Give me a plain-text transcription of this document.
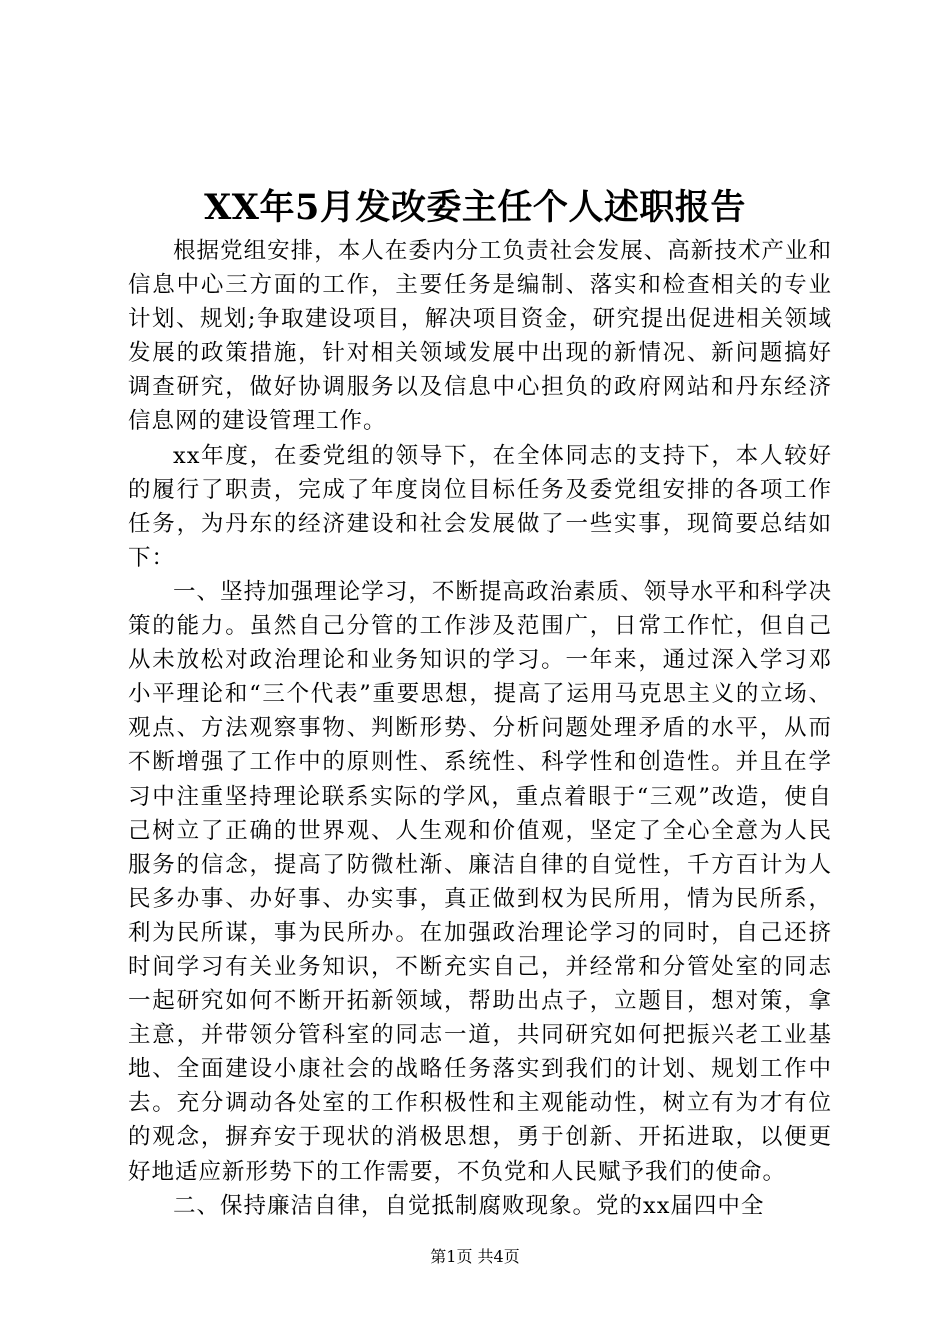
XX年5月发改委主任个人述职报告

根据党组安排，本人在委内分工负责社会发展、高新技术产业和信息中心三方面的工作，主要任务是编制、落实和检查相关的专业计划、规划;争取建设项目，解决项目资金，研究提出促进相关领域发展的政策措施，针对相关领域发展中出现的新情况、新问题搞好调查研究，做好协调服务以及信息中心担负的政府网站和丹东经济信息网的建设管理工作。

xx年度，在委党组的领导下，在全体同志的支持下，本人较好的履行了职责，完成了年度岗位目标任务及委党组安排的各项工作任务，为丹东的经济建设和社会发展做了一些实事，现简要总结如下：

一、坚持加强理论学习，不断提高政治素质、领导水平和科学决策的能力。虽然自己分管的工作涉及范围广，日常工作忙，但自己从未放松对政治理论和业务知识的学习。一年来，通过深入学习邓小平理论和“三个代表”重要思想，提高了运用马克思主义的立场、观点、方法观察事物、判断形势、分析问题处理矛盾的水平，从而不断增强了工作中的原则性、系统性、科学性和创造性。并且在学习中注重坚持理论联系实际的学风，重点着眼于“三观”改造，使自己树立了正确的世界观、人生观和价值观，坚定了全心全意为人民服务的信念，提高了防微杜渐、廉洁自律的自觉性，千方百计为人民多办事、办好事、办实事，真正做到权为民所用，情为民所系，利为民所谋，事为民所办。在加强政治理论学习的同时，自己还挤时间学习有关业务知识，不断充实自己，并经常和分管处室的同志一起研究如何不断开拓新领域，帮助出点子，立题目，想对策，拿主意，并带领分管科室的同志一道，共同研究如何把振兴老工业基地、全面建设小康社会的战略任务落实到我们的计划、规划工作中去。充分调动各处室的工作积极性和主观能动性，树立有为才有位的观念，摒弃安于现状的消极思想，勇于创新、开拓进取，以便更好地适应新形势下的工作需要，不负党和人民赋予我们的使命。

二、保持廉洁自律，自觉抵制腐败现象。党的xx届四中全

第1页 共4页
